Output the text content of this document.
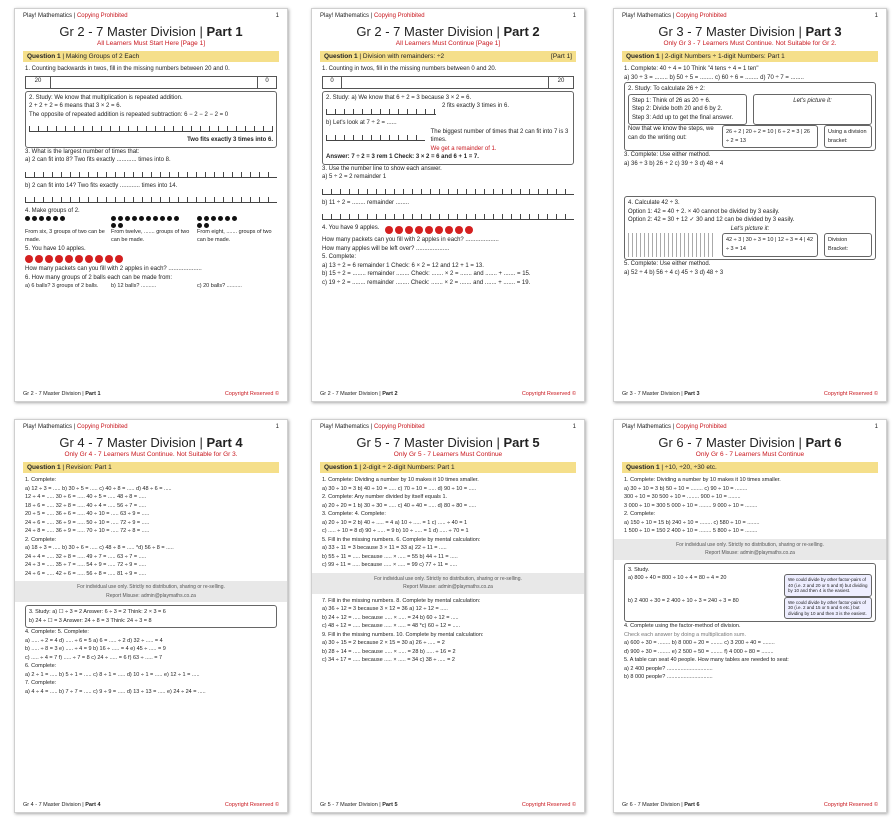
Play! Mathematics | Copying Prohibited	1
Gr 2 - 7 Master Division | Part 1
All Learners Must Start Here [Page 1]
Question 1 | Making Groups of 2 Each
1. Counting backwards in twos, fill in the missing numbers between 20 and 0.
20	0
2. Study: We know that multiplication is repeated addition.
2 + 2 + 2 = 6 means that 3 × 2 = 6.
The opposite of repeated addition is repeated subtraction: 6 − 2 − 2 − 2 = 0
Two fits exactly 3 times into 6.
3. What is the largest number of times that:
a) 2 can fit into 8? Two fits exactly ............ times into 8.
b) 2 can fit into 14? Two fits exactly ............ times into 14.
4. Make groups of 2.
From six, 3 groups of two can be made.
From twelve, ....... groups of two can be made.
From eight, ....... groups of two can be made.
5. You have 10 apples.
How many packets can you fill with 2 apples in each? ....................
6. How many groups of 2 balls each can be made from:
a) 6 balls? 3 groups of 2 balls.	b) 12 balls? ..........	c) 20 balls? ..........
Gr 2 - 7 Master Division | Part 1	Copyright Reserved ©
Play! Mathematics | Copying Prohibited	1
Gr 2 - 7 Master Division | Part 2
All Learners Must Continue [Page 1]
Question 1 | Division with remainders: ÷2	[Part 1]
1. Counting in twos, fill in the missing numbers between 0 and 20.
0	20
2. Study: a) We know that 6 ÷ 2 = 3 because 3 × 2 = 6.
2 fits exactly 3 times in 6.
b) Let's look at 7 ÷ 2 = ......
The biggest number of times that 2 can fit into 7 is 3 times.
We get a remainder of 1.
Answer: 7 ÷ 2 = 3 rem 1 Check: 3 × 2 = 6 and 6 + 1 = 7.
3. Use the number line to show each answer.
a) 5 ÷ 2 = 2 remainder 1
b) 11 ÷ 2 = ........ remainder ........
4. You have 9 apples.
How many packets can you fill with 2 apples in each? ....................
How many apples will be left over? ....................
5. Complete:
a) 13 ÷ 2 = 6 remainder 1 Check: 6 × 2 = 12 and 12 + 1 = 13.
b) 15 ÷ 2 = ........ remainder ........ Check: ....... × 2 = ....... and ....... + ....... = 15.
c) 19 ÷ 2 = ........ remainder ........ Check: ....... × 2 = ....... and ....... + ....... = 19.
Gr 2 - 7 Master Division | Part 2	Copyright Reserved ©
Play! Mathematics | Copying Prohibited	1
Gr 3 - 7 Master Division | Part 3
Only Gr 3 - 7 Learners Must Continue. Not Suitable for Gr 2.
Question 1 | 2-digit Numbers ÷ 1-digit Numbers: Part 1
1. Complete: 40 ÷ 4 = 10 Think "4 tens ÷ 4 = 1 ten"
a) 30 ÷ 3 = ........ b) 50 ÷ 5 = ........ c) 60 ÷ 6 = ........ d) 70 ÷ 7 = ........
2. Study: To calculate 26 ÷ 2:
Step 1: Think of 26 as 20 + 6.
Step 2: Divide both 20 and 6 by 2.
Step 3: Add up to get the final answer.
Let's picture it:
Now that we know the steps, we can do the writing out:
26 ÷ 2 | 20 ÷ 2 = 10 | 6 ÷ 2 = 3 | 26 ÷ 2 = 13
Using a division bracket:
3. Complete: Use either method.
a) 36 ÷ 3 b) 26 ÷ 2 c) 39 ÷ 3 d) 48 ÷ 4
4. Calculate 42 ÷ 3.
Option 1: 42 = 40 + 2. × 40 cannot be divided by 3 easily.
Option 2: 42 = 30 + 12 ✓ 30 and 12 can be divided by 3 easily.
Let's picture it:
42 ÷ 3 | 30 ÷ 3 = 10 | 12 ÷ 3 = 4 | 42 ÷ 3 = 14
Division Bracket:
5. Complete: Use either method.
a) 52 ÷ 4 b) 56 ÷ 4 c) 45 ÷ 3 d) 48 ÷ 3
Gr 3 - 7 Master Division | Part 3	Copyright Reserved ©
Play! Mathematics | Copying Prohibited	1
Gr 4 - 7 Master Division | Part 4
Only Gr 4 - 7 Learners Must Continue. Not Suitable for Gr 3.
Question 1 | Revision: Part 1
1. Complete:
a) 12 ÷ 3 = ..... b) 30 ÷ 5 = ..... c) 40 ÷ 8 = ..... d) 48 ÷ 6 = .....
12 ÷ 4 = ..... 30 ÷ 6 = ..... 40 ÷ 5 = ..... 48 ÷ 8 = .....
18 ÷ 6 = ..... 32 ÷ 8 = ..... 40 ÷ 4 = ..... 56 ÷ 7 = .....
20 ÷ 5 = ..... 36 ÷ 6 = ..... 40 ÷ 10 = ..... 63 ÷ 9 = .....
24 ÷ 6 = ..... 36 ÷ 9 = ..... 50 ÷ 10 = ..... 72 ÷ 9 = .....
24 ÷ 8 = ..... 36 ÷ 9 = ..... 70 ÷ 10 = ..... 72 ÷ 8 = .....
2. Complete:
a) 18 ÷ 3 = ..... b) 30 ÷ 6 = ..... c) 48 ÷ 8 = ..... *d) 56 ÷ 8 = .....
24 ÷ 4 = ..... 32 ÷ 8 = ..... 49 ÷ 7 = ..... 63 ÷ 7 = .....
24 ÷ 3 = ..... 35 ÷ 7 = ..... 54 ÷ 9 = ..... 72 ÷ 9 = .....
24 ÷ 6 = ..... 42 ÷ 6 = ..... 56 ÷ 8 = ..... 81 ÷ 9 = .....
For individual use only. Strictly no distribution, sharing or re-selling.
Report Misuse: admin@playmaths.co.za
3. Study: a) ☐ ÷ 3 = 2 Answer: 6 ÷ 3 = 2 Think: 2 × 3 = 6
b) 24 ÷ ☐ = 3 Answer: 24 ÷ 8 = 3 Think: 24 ÷ 3 = 8
4. Complete: 5. Complete:
a) ..... ÷ 2 = 4 d) ..... ÷ 6 = 5 a) 6 = ..... ÷ 2 d) 32 ÷ ..... = 4
b) ..... ÷ 8 = 3 e) ..... ÷ 4 = 9 b) 16 ÷ ..... = 4 e) 45 ÷ ..... = 9
c) ..... ÷ 4 = 7 f) ..... ÷ 7 = 8 c) 24 ÷ ..... = 6 f) 63 ÷ ..... = 7
6. Complete:
a) 2 ÷ 1 = ..... b) 5 ÷ 1 = ..... c) 8 ÷ 1 = ..... d) 10 ÷ 1 = ..... e) 12 ÷ 1 = .....
7. Complete:
a) 4 ÷ 4 = ..... b) 7 ÷ 7 = ..... c) 9 ÷ 9 = ..... d) 13 ÷ 13 = ..... e) 24 ÷ 24 = .....
Gr 4 - 7 Master Division | Part 4	Copyright Reserved ©
Play! Mathematics | Copying Prohibited	1
Gr 5 - 7 Master Division | Part 5
Only Gr 5 - 7 Learners Must Continue
Question 1 | 2-digit ÷ 2-digit Numbers: Part 1
1. Complete: Dividing a number by 10 makes it 10 times smaller.
a) 30 ÷ 10 = 3 b) 40 ÷ 10 = ..... c) 70 ÷ 10 = ..... d) 90 ÷ 10 = .....
2. Complete: Any number divided by itself equals 1.
a) 20 ÷ 20 = 1 b) 30 ÷ 30 = ..... c) 40 ÷ 40 = ..... d) 80 ÷ 80 = .....
3. Complete: 4. Complete:
a) 20 ÷ 10 = 2 b) 40 ÷ ..... = 4 a) 10 ÷ ..... = 1 c) ..... ÷ 40 = 1
c) ..... ÷ 10 = 8 d) 90 ÷ ..... = 9 b) 10 ÷ ..... = 1 d) ..... ÷ 70 = 1
5. Fill in the missing numbers. 6. Complete by mental calculation:
a) 33 ÷ 11 = 3 because 3 × 11 = 33 a) 22 ÷ 11 = .....
b) 55 ÷ 11 = ..... because ..... × ..... = 55 b) 44 ÷ 11 = .....
c) 99 ÷ 11 = ..... because ..... × ..... = 99 c) 77 ÷ 11 = .....
For individual use only. Strictly no distribution, sharing or re-selling.
Report Misuse: admin@playmaths.co.za
7. Fill in the missing numbers. 8. Complete by mental calculation:
a) 36 ÷ 12 = 3 because 3 × 12 = 36 a) 12 ÷ 12 = .....
b) 24 ÷ 12 = ..... because ..... × ..... = 24 b) 60 ÷ 12 = .....
c) 48 ÷ 12 = ..... because ..... × ..... = 48 *c) 60 ÷ 12 = .....
9. Fill in the missing numbers. 10. Complete by mental calculation:
a) 30 ÷ 15 = 2 because 2 × 15 = 30 a) 26 ÷ ..... = 2
b) 28 ÷ 14 = ..... because ..... × ..... = 28 b) ..... ÷ 16 = 2
c) 34 ÷ 17 = ..... because ..... × ..... = 34 c) 38 ÷ ..... = 2
Gr 5 - 7 Master Division | Part 5	Copyright Reserved ©
Play! Mathematics | Copying Prohibited	1
Gr 6 - 7 Master Division | Part 6
Only Gr 6 - 7 Learners Must Continue
Question 1 | ÷10, ÷20, ÷30 etc.
1. Complete: Dividing a number by 10 makes it 10 times smaller.
a) 30 ÷ 10 = 3 b) 50 ÷ 10 = ........ c) 90 ÷ 10 = ........
300 ÷ 10 = 30 500 ÷ 10 = ........ 900 ÷ 10 = ........
3 000 ÷ 10 = 300 5 000 ÷ 10 = ........ 9 000 ÷ 10 = ........
2. Complete:
a) 150 ÷ 10 = 15 b) 240 ÷ 10 = ........ c) 580 ÷ 10 = ........
1 500 ÷ 10 = 150 2 400 ÷ 10 = ........ 5 800 ÷ 10 = ........
For individual use only. Strictly no distribution, sharing or re-selling.
Report Misuse: admin@playmaths.co.za
3. Study.
a) 800 ÷ 40 = 800 ÷ 10 ÷ 4 = 80 ÷ 4 = 20	We could divide by other factor-pairs of 40 (i.e. 2 and 20 or 5 and 8) but dividing by 10 and then 4 is the easiest.
b) 2 400 ÷ 30 = 2 400 ÷ 10 ÷ 3 = 240 ÷ 3 = 80	We could divide by other factor-pairs of 30 (i.e. 2 and 15 or 5 and 6 etc.) but dividing by 10 and then 3 is the easiest.
4. Complete using the factor-method of division.
Check each answer by doing a multiplication sum.
a) 600 ÷ 30 = ........ b) 8 000 ÷ 20 = ........ c) 3 200 ÷ 40 = ........
d) 900 ÷ 30 = ........ e) 2 500 ÷ 50 = ........ f) 4 000 ÷ 80 = ........
5. A table can seat 40 people. How many tables are needed to seat:
a) 2 400 people? ..............................
b) 8 000 people? ..............................
Gr 6 - 7 Master Division | Part 6	Copyright Reserved ©
